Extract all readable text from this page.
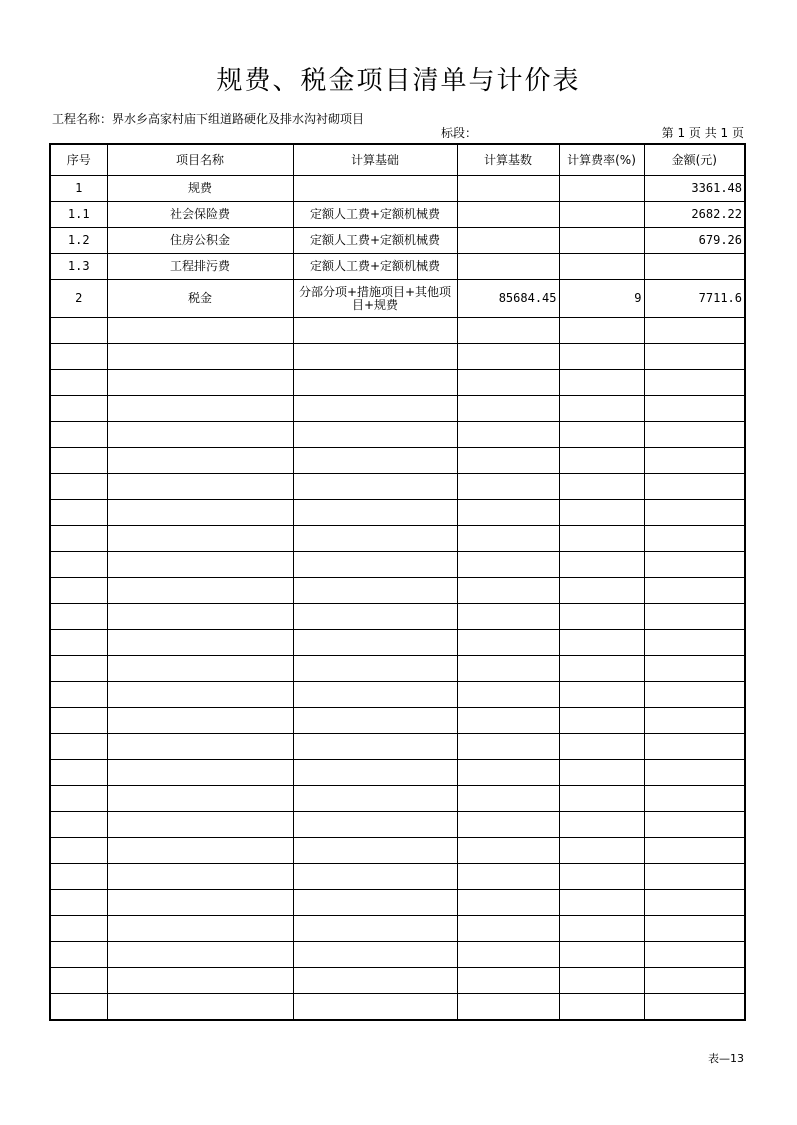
规费、税金项目清单与计价表
工程名称：界水乡高家村庙下组道路硬化及排水沟衬砌项目
标段：	第 1 页 共 1 页
序号	项目名称	计算基础	计算基数	计算费率(%)	金额(元)
1	规费				3361.48
1.1	社会保险费	定额人工费+定额机械费			2682.22
1.2	住房公积金	定额人工费+定额机械费			679.26
1.3	工程排污费	定额人工费+定额机械费			
2	税金	分部分项+措施项目+其他项目+规费	85684.45	9	7711.6

表—13
